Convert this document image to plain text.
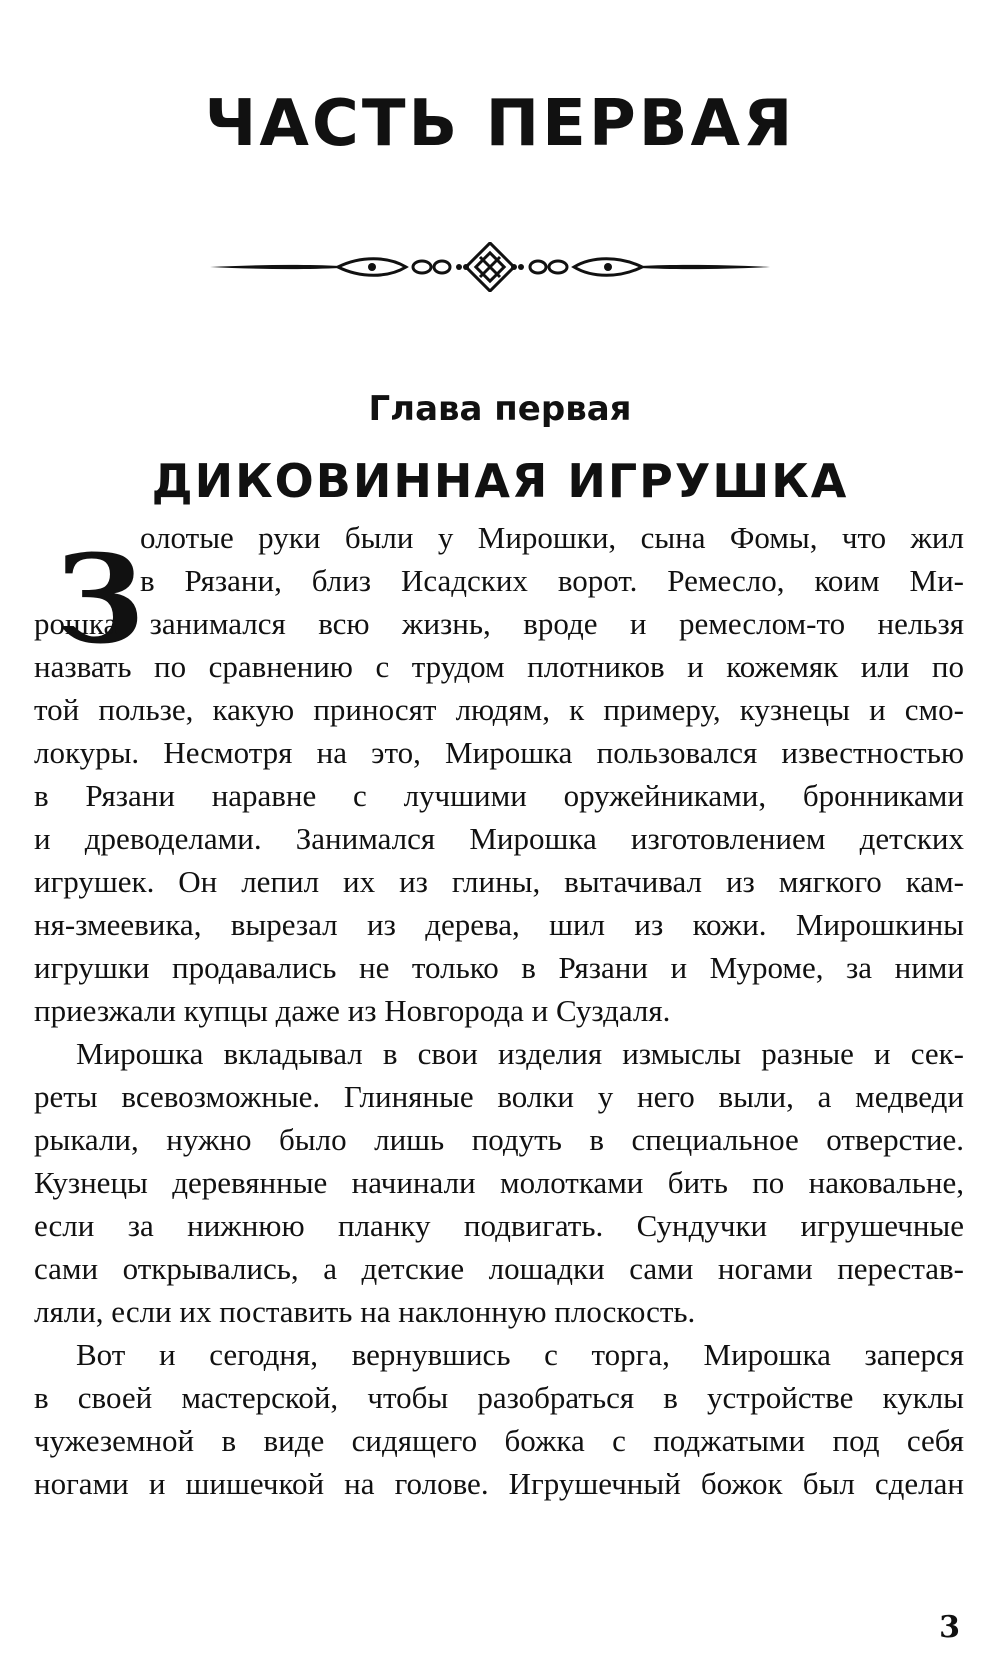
ЧАСТЬ ПЕРВАЯ
Глава первая
ДИКОВИННАЯ ИГРУШКА
З
олотые руки были у Мирошки, сына Фомы, что жил
в Рязани, близ Исадских ворот. Ремесло, коим Ми-
рошка занимался всю жизнь, вроде и ремеслом-то нельзя
назвать по сравнению с трудом плотников и кожемяк или по
той пользе, какую приносят людям, к примеру, кузнецы и смо-
локуры. Несмотря на это, Мирошка пользовался известностью
в Рязани наравне с лучшими оружейниками, бронниками
и древоделами. Занимался Мирошка изготовлением детских
игрушек. Он лепил их из глины, вытачивал из мягкого кам-
ня-змеевика, вырезал из дерева, шил из кожи. Мирошкины
игрушки продавались не только в Рязани и Муроме, за ними
приезжали купцы даже из Новгорода и Суздаля.
Мирошка вкладывал в свои изделия измыслы разные и сек-
реты всевозможные. Глиняные волки у него выли, а медведи
рыкали, нужно было лишь подуть в специальное отверстие.
Кузнецы деревянные начинали молотками бить по наковальне,
если за нижнюю планку подвигать. Сундучки игрушечные
сами открывались, а детские лошадки сами ногами перестав-
ляли, если их поставить на наклонную плоскость.
Вот и сегодня, вернувшись с торга, Мирошка заперся
в своей мастерской, чтобы разобраться в устройстве куклы
чужеземной в виде сидящего божка с поджатыми под себя
ногами и шишечкой на голове. Игрушечный божок был сделан
3
